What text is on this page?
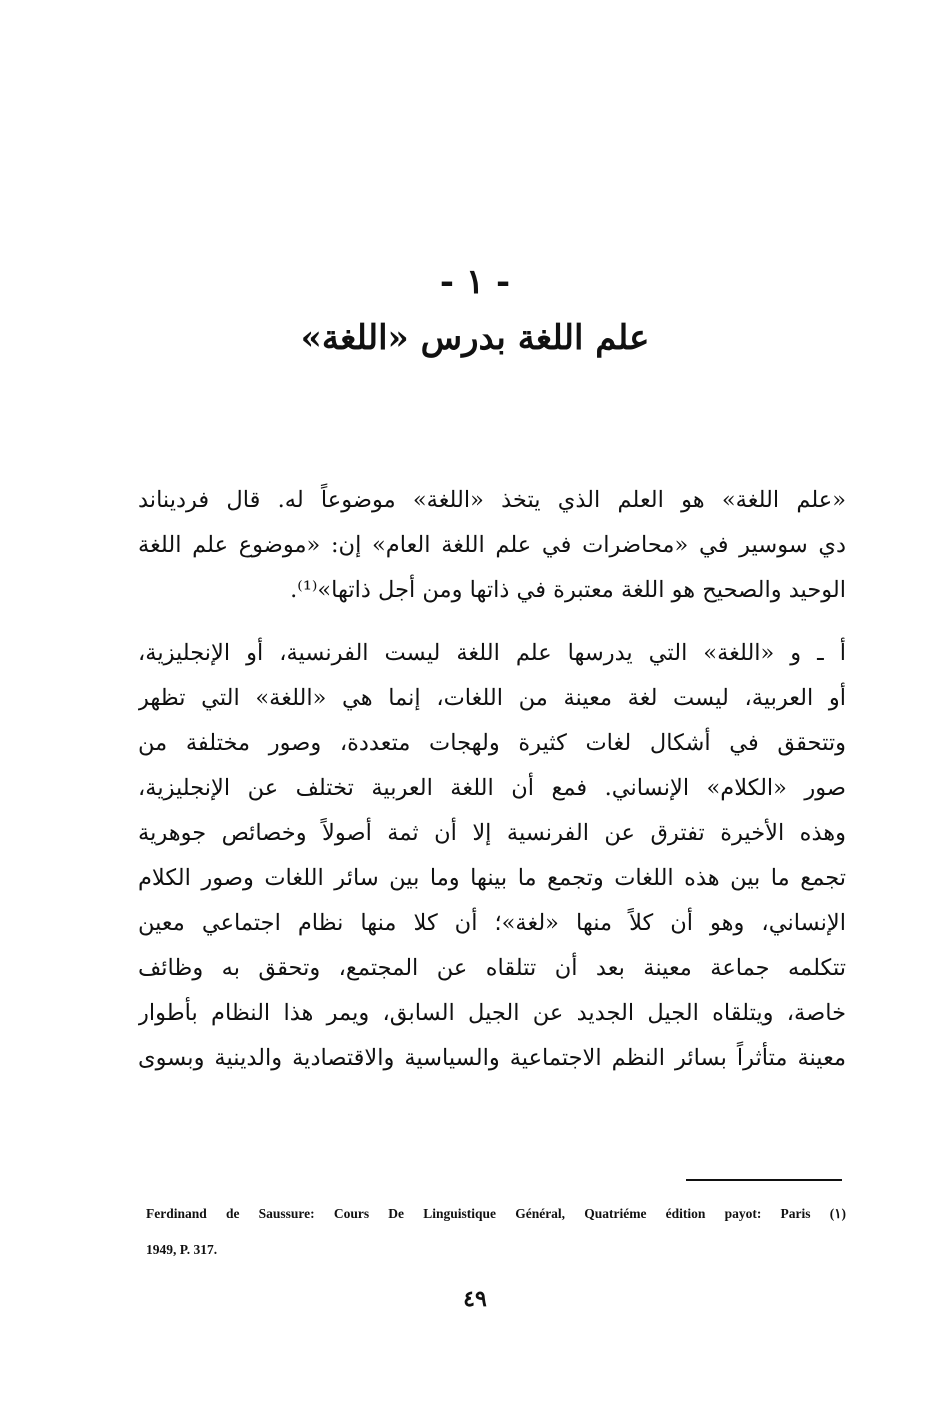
- ١ -
علم اللغة بدرس «اللغة»

«علم اللغة» هو العلم الذي يتخذ «اللغة» موضوعاً له. قال فرديناند
دي سوسير في «محاضرات في علم اللغة العام» إن: «موضوع علم اللغة
الوحيد والصحيح هو اللغة معتبرة في ذاتها ومن أجل ذاتها»⁽¹⁾.

أ ـ و «اللغة» التي يدرسها علم اللغة ليست الفرنسية، أو الإنجليزية،
أو العربية، ليست لغة معينة من اللغات، إنما هي «اللغة» التي تظهر
وتتحقق في أشكال لغات كثيرة ولهجات متعددة، وصور مختلفة من
صور «الكلام» الإنساني. فمع أن اللغة العربية تختلف عن الإنجليزية،
وهذه الأخيرة تفترق عن الفرنسية إلا أن ثمة أصولاً وخصائص جوهرية
تجمع ما بين هذه اللغات وتجمع ما بينها وما بين سائر اللغات وصور الكلام
الإنساني، وهو أن كلاً منها «لغة»؛ أن كلا منها نظام اجتماعي معين
تتكلمه جماعة معينة بعد أن تتلقاه عن المجتمع، وتحقق به وظائف
خاصة، ويتلقاه الجيل الجديد عن الجيل السابق، ويمر هذا النظام بأطوار
معينة متأثراً بسائر النظم الاجتماعية والسياسية والاقتصادية والدينية وبسوى

Ferdinand de Saussure: Cours De Linguistique Général, Quatriéme édition payot: Paris (١)
1949, P. 317.
٤٩
